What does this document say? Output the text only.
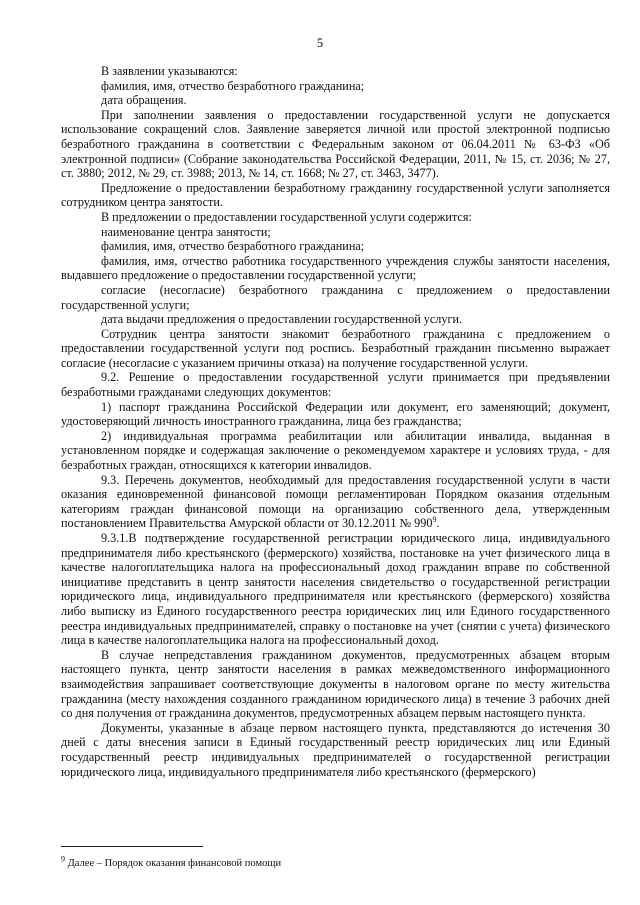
5

В заявлении указываются:

фамилия, имя, отчество безработного гражданина;

дата обращения.

При заполнении заявления о предоставлении государственной услуги не допускается использование сокращений слов. Заявление заверяется личной или простой электронной подписью безработного гражданина в соответствии с Федеральным законом от 06.04.2011 № 63-ФЗ «Об электронной подписи» (Собрание законодательства Российской Федерации, 2011, № 15, ст. 2036; № 27, ст. 3880; 2012, № 29, ст. 3988; 2013, № 14, ст. 1668; № 27, ст. 3463, 3477).

Предложение о предоставлении безработному гражданину государственной услуги заполняется сотрудником центра занятости.

В предложении о предоставлении государственной услуги содержится:

наименование центра занятости;

фамилия, имя, отчество безработного гражданина;

фамилия, имя, отчество работника государственного учреждения службы занятости населения, выдавшего предложение о предоставлении государственной услуги;

согласие (несогласие) безработного гражданина с предложением о предоставлении государственной услуги;

дата выдачи предложения о предоставлении государственной услуги.

Сотрудник центра занятости знакомит безработного гражданина с предложением о предоставлении государственной услуги под роспись. Безработный гражданин письменно выражает согласие (несогласие с указанием причины отказа) на получение государственной услуги.

9.2. Решение о предоставлении государственной услуги принимается при предъявлении безработными гражданами следующих документов:

1) паспорт гражданина Российской Федерации или документ, его заменяющий; документ, удостоверяющий личность иностранного гражданина, лица без гражданства;

2) индивидуальная программа реабилитации или абилитации инвалида, выданная в установленном порядке и содержащая заключение о рекомендуемом характере и условиях труда, - для безработных граждан, относящихся к категории инвалидов.

9.3. Перечень документов, необходимый для предоставления государственной услуги в части оказания единовременной финансовой помощи регламентирован Порядком оказания отдельным категориям граждан финансовой помощи на организацию собственного дела, утвержденным постановлением Правительства Амурской области от 30.12.2011 № $990^9$.

9.3.1.В подтверждение государственной регистрации юридического лица, индивидуального предпринимателя либо крестьянского (фермерского) хозяйства, постановке на учет физического лица в качестве налогоплательщика налога на профессиональный доход гражданин вправе по собственной инициативе представить в центр занятости населения свидетельство о государственной регистрации юридического лица, индивидуального предпринимателя или крестьянского (фермерского) хозяйства либо выписку из Единого государственного реестра юридических лиц или Единого государственного реестра индивидуальных предпринимателей, справку о постановке на учет (снятии с учета) физического лица в качестве налогоплательщика налога на профессиональный доход.

В случае непредставления гражданином документов, предусмотренных абзацем вторым настоящего пункта, центр занятости населения в рамках межведомственного информационного взаимодействия запрашивает соответствующие документы в налоговом органе по месту жительства гражданина (месту нахождения созданного гражданином юридического лица) в течение 3 рабочих дней со дня получения от гражданина документов, предусмотренных абзацем первым настоящего пункта.

Документы, указанные в абзаце первом настоящего пункта, представляются до истечения 30 дней с даты внесения записи в Единый государственный реестр юридических лиц или Единый государственный реестр индивидуальных предпринимателей о государственной регистрации юридического лица, индивидуального предпринимателя либо крестьянского (фермерского)

$^9$ Далее – Порядок оказания финансовой помощи
